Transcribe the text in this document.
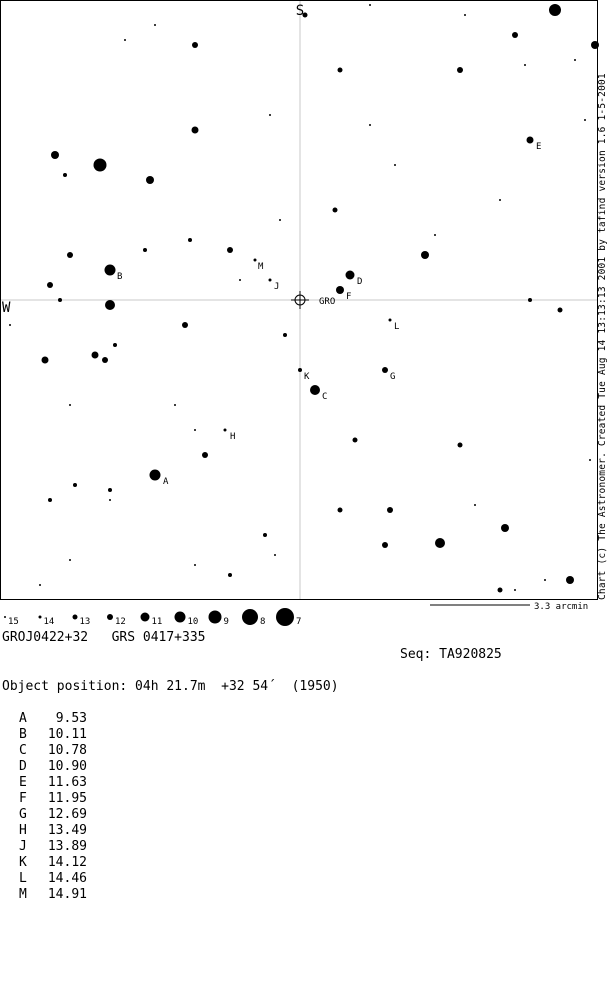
A
B
C
D
E
F
G
H
J
K
L
M
GRO
S
W
3.3 arcmin
15	14	13	12	11	10	9	8	7
Chart (c) The Astronomer. Created Tue Aug 14 13:13:13 2001 by tafind version 1.6 1-5-2001
GROJ0422+32   GRS 0417+335
Seq: TA920825
Object position: 04h 21.7m  +32 54´  (1950)
A 9.53
B 10.11
C 10.78
D 10.90
E 11.63
F 11.95
G 12.69
H 13.49
J 13.89
K 14.12
L 14.46
M 14.91
